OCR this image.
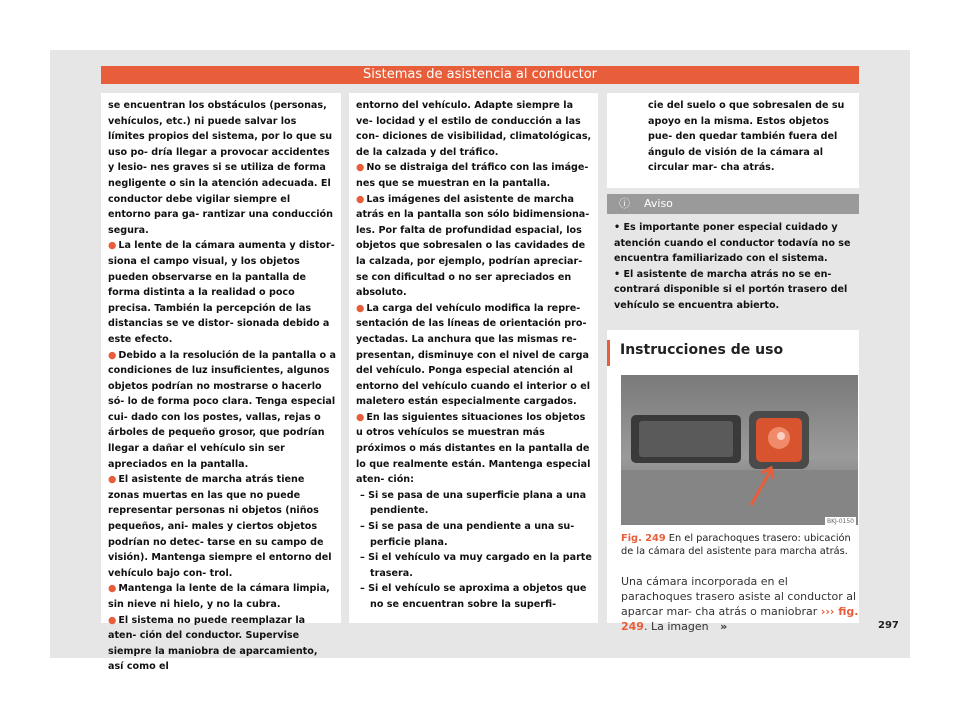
Sistemas de asistencia al conductor

se encuentran los obstáculos (personas, vehículos, etc.) ni puede salvar los límites propios del sistema, por lo que su uso po- dría llegar a provocar accidentes y lesio- nes graves si se utiliza de forma negligente o sin la atención adecuada. El conductor debe vigilar siempre el entorno para ga- rantizar una conducción segura.

● La lente de la cámara aumenta y distor- siona el campo visual, y los objetos pueden observarse en la pantalla de forma distinta a la realidad o poco precisa. También la percepción de las distancias se ve distor- sionada debido a este efecto.

● Debido a la resolución de la pantalla o a condiciones de luz insuficientes, algunos objetos podrían no mostrarse o hacerlo só- lo de forma poco clara. Tenga especial cui- dado con los postes, vallas, rejas o árboles de pequeño grosor, que podrían llegar a dañar el vehículo sin ser apreciados en la pantalla.

● El asistente de marcha atrás tiene zonas muertas en las que no puede representar personas ni objetos (niños pequeños, ani- males y ciertos objetos podrían no detec- tarse en su campo de visión). Mantenga siempre el entorno del vehículo bajo con- trol.

● Mantenga la lente de la cámara limpia, sin nieve ni hielo, y no la cubra.

● El sistema no puede reemplazar la aten- ción del conductor. Supervise siempre la maniobra de aparcamiento, así como el

entorno del vehículo. Adapte siempre la ve- locidad y el estilo de conducción a las con- diciones de visibilidad, climatológicas, de la calzada y del tráfico.

● No se distraiga del tráfico con las imáge- nes que se muestran en la pantalla.

● Las imágenes del asistente de marcha atrás en la pantalla son sólo bidimensiona- les. Por falta de profundidad espacial, los objetos que sobresalen o las cavidades de la calzada, por ejemplo, podrían apreciar- se con dificultad o no ser apreciados en absoluto.

● La carga del vehículo modifica la repre- sentación de las líneas de orientación pro- yectadas. La anchura que las mismas re- presentan, disminuye con el nivel de carga del vehículo. Ponga especial atención al entorno del vehículo cuando el interior o el maletero están especialmente cargados.

● En las siguientes situaciones los objetos u otros vehículos se muestran más próximos o más distantes en la pantalla de lo que realmente están. Mantenga especial aten- ción:

– Si se pasa de una superficie plana a una pendiente.
– Si se pasa de una pendiente a una su- perficie plana.
– Si el vehículo va muy cargado en la parte trasera.
– Si el vehículo se aproxima a objetos que no se encuentran sobre la superfi-

cie del suelo o que sobresalen de su apoyo en la misma. Estos objetos pue- den quedar también fuera del ángulo de visión de la cámara al circular mar- cha atrás.

ⓘ Aviso

• Es importante poner especial cuidado y atención cuando el conductor todavía no se encuentra familiarizado con el sistema.

• El asistente de marcha atrás no se en- contrará disponible si el portón trasero del vehículo se encuentra abierto.

Instrucciones de uso
BKJ-0150
Fig. 249 En el parachoques trasero: ubicación de la cámara del asistente para marcha atrás.
Una cámara incorporada en el parachoques trasero asiste al conductor al aparcar mar- cha atrás o maniobrar ››› fig. 249. La imagen »	297
